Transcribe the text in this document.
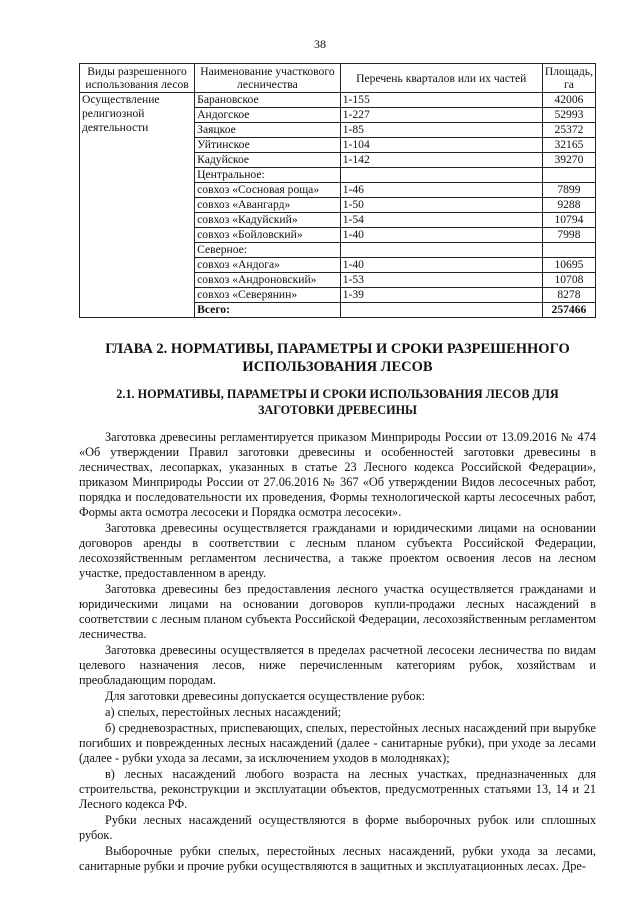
38
Виды разрешенного использования лесов	Наименование участкового лесничества	Перечень кварталов или их частей	Площадь, га
Осуществление религиозной деятельности	Барановское	1-155	42006
	Андогское	1-227	52993
	Заяцкое	1-85	25372
	Уйтинское	1-104	32165
	Кадуйское	1-142	39270
	Центральное:		
	совхоз «Сосновая роща»	1-46	7899
	совхоз «Авангард»	1-50	9288
	совхоз «Кадуйский»	1-54	10794
	совхоз «Бойловский»	1-40	7998
	Северное:		
	совхоз «Андога»	1-40	10695
	совхоз «Андроновский»	1-53	10708
	совхоз «Северянин»	1-39	8278
	Всего:		257466
ГЛАВА 2. НОРМАТИВЫ, ПАРАМЕТРЫ И СРОКИ РАЗРЕШЕННОГО ИСПОЛЬЗОВАНИЯ ЛЕСОВ
2.1. НОРМАТИВЫ, ПАРАМЕТРЫ И СРОКИ ИСПОЛЬЗОВАНИЯ ЛЕСОВ ДЛЯ ЗАГОТОВКИ ДРЕВЕСИНЫ

Заготовка древесины регламентируется приказом Минприроды России от 13.09.2016 № 474 «Об утверждении Правил заготовки древесины и особенностей заготовки древесины в лесничествах, лесопарках, указанных в статье 23 Лесного кодекса Российской Федерации», приказом Минприроды России от 27.06.2016 № 367 «Об утверждении Видов лесосечных работ, порядка и последовательности их проведения, Формы технологической карты лесосечных работ, Формы акта осмотра лесосеки и Порядка осмотра лесосеки».

Заготовка древесины осуществляется гражданами и юридическими лицами на основании договоров аренды в соответствии с лесным планом субъекта Российской Федерации, лесохозяйственным регламентом лесничества, а также проектом освоения лесов на лесном участке, предоставленном в аренду.

Заготовка древесины без предоставления лесного участка осуществляется гражданами и юридическими лицами на основании договоров купли-продажи лесных насаждений в соответствии с лесным планом субъекта Российской Федерации, лесохозяйственным регламентом лесничества.

Заготовка древесины осуществляется в пределах расчетной лесосеки лесничества по видам целевого назначения лесов, ниже перечисленным категориям рубок, хозяйствам и преобладающим породам.

Для заготовки древесины допускается осуществление рубок:

а) спелых, перестойных лесных насаждений;

б) средневозрастных, приспевающих, спелых, перестойных лесных насаждений при вырубке погибших и поврежденных лесных насаждений (далее - санитарные рубки), при уходе за лесами (далее - рубки ухода за лесами, за исключением уходов в молодняках);

в) лесных насаждений любого возраста на лесных участках, предназначенных для строительства, реконструкции и эксплуатации объектов, предусмотренных статьями 13, 14 и 21 Лесного кодекса РФ.

Рубки лесных насаждений осуществляются в форме выборочных рубок или сплошных рубок.

Выборочные рубки спелых, перестойных лесных насаждений, рубки ухода за лесами, санитарные рубки и прочие рубки осуществляются в защитных и эксплуатационных лесах. Дре-
